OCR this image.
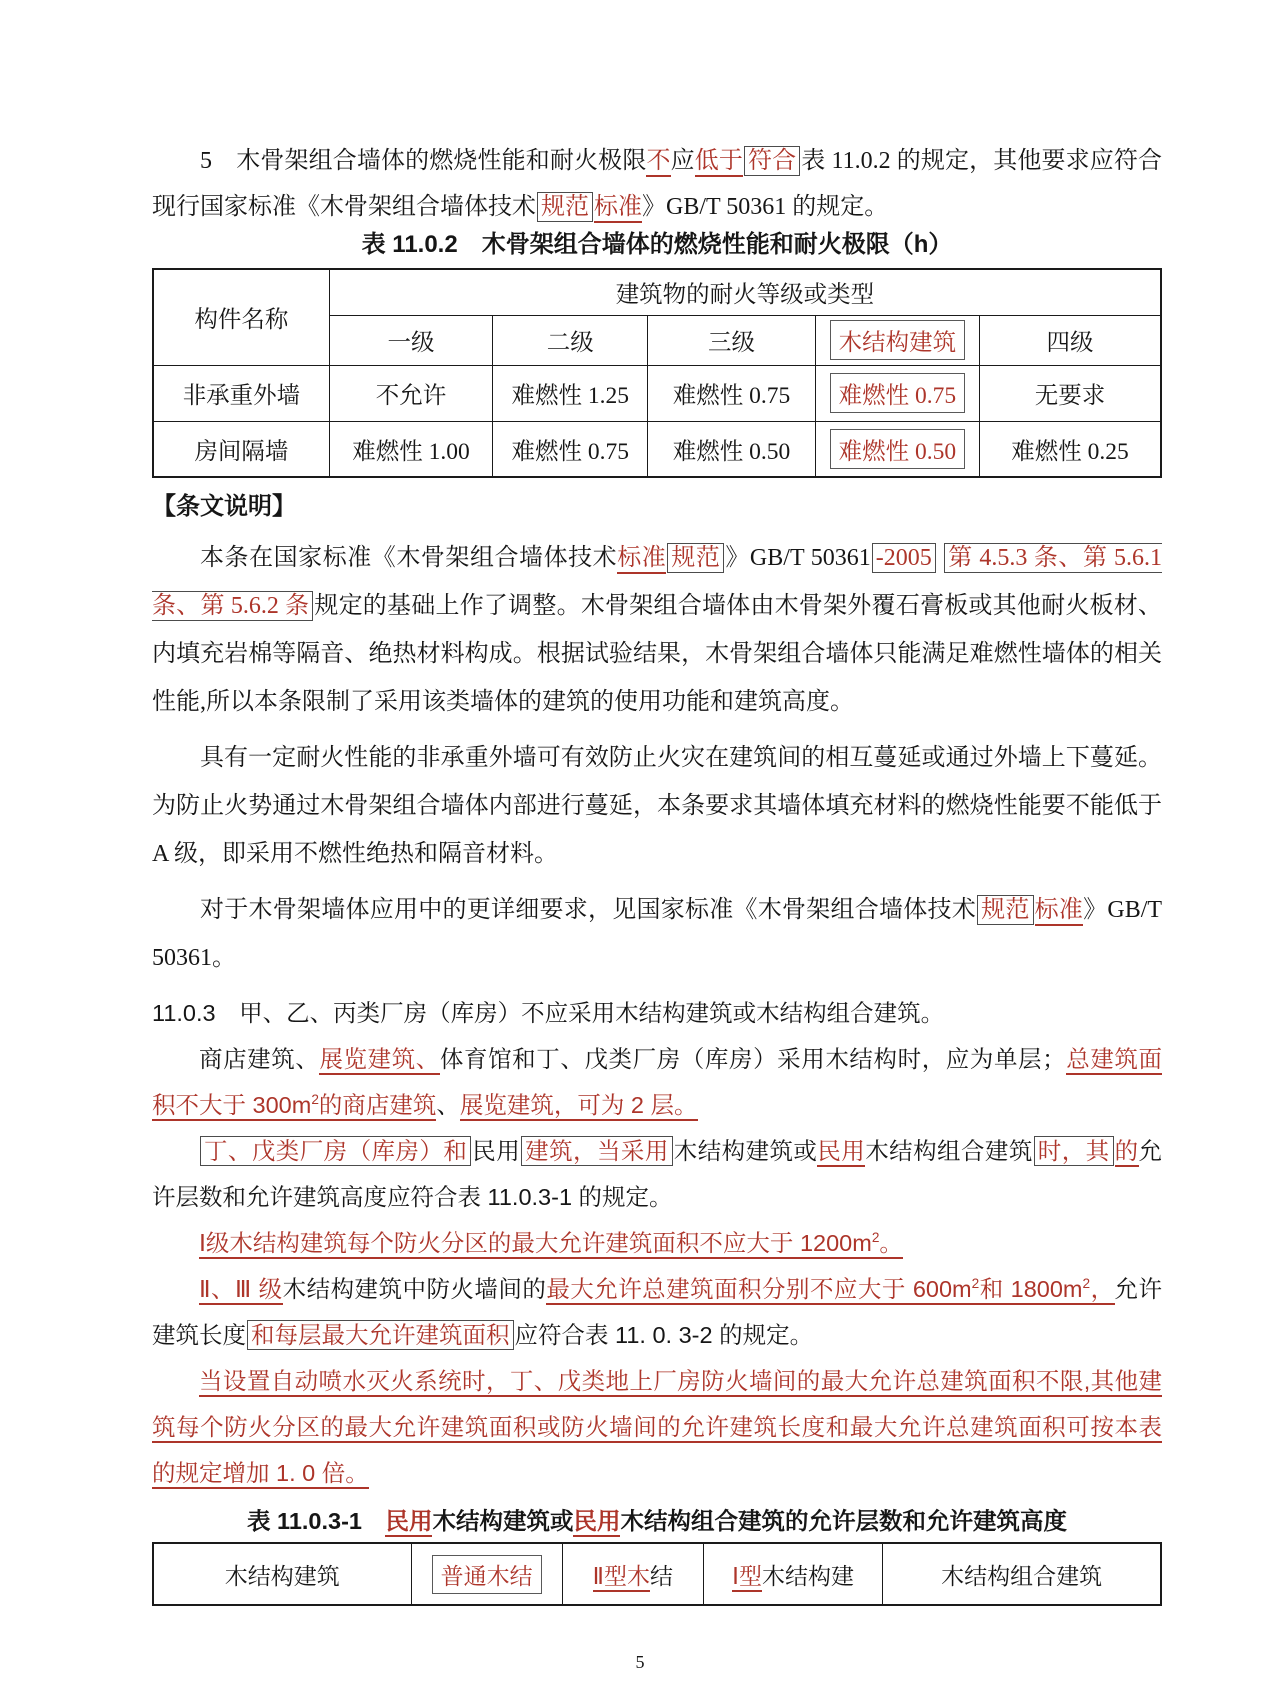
5　木骨架组合墙体的燃烧性能和耐火极限不应低于 符合 表 11.0.2 的规定，其他要求应符合现行国家标准《木骨架组合墙体技术 规范 标准》GB/T 50361 的规定。

表 11.0.2　木骨架组合墙体的燃烧性能和耐火极限（h）
构件名称	建筑物的耐火等级或类型				
	一级	二级	三级	木结构建筑	四级
非承重外墙	不允许	难燃性 1.25	难燃性 0.75	难燃性 0.75	无要求
房间隔墙	难燃性 1.00	难燃性 0.75	难燃性 0.50	难燃性 0.50	难燃性 0.25
【条文说明】

本条在国家标准《木骨架组合墙体技术标准 规范 》GB/T 50361 -2005 第 4.5.3 条、第 5.6.1 条、第 5.6.2 条 规定的基础上作了调整。木骨架组合墙体由木骨架外覆石膏板或其他耐火板材、内填充岩棉等隔音、绝热材料构成。根据试验结果，木骨架组合墙体只能满足难燃性墙体的相关性能,所以本条限制了采用该类墙体的建筑的使用功能和建筑高度。

具有一定耐火性能的非承重外墙可有效防止火灾在建筑间的相互蔓延或通过外墙上下蔓延。为防止火势通过木骨架组合墙体内部进行蔓延，本条要求其墙体填充材料的燃烧性能要不能低于 A 级，即采用不燃性绝热和隔音材料。

对于木骨架墙体应用中的更详细要求，见国家标准《木骨架组合墙体技术 规范 标准》GB/T 50361。

11.0.3　甲、乙、丙类厂房（库房）不应采用木结构建筑或木结构组合建筑。

商店建筑、展览建筑、体育馆和丁、戊类厂房（库房）采用木结构时，应为单层；总建筑面积不大于 $300m^2$的商店建筑、展览建筑，可为 2 层。

丁、戊类厂房（库房）和 民用 建筑，当采用 木结构建筑或民用木结构组合建筑 时，其 的允许层数和允许建筑高度应符合表 11.0.3-1 的规定。

Ⅰ级木结构建筑每个防火分区的最大允许建筑面积不应大于 $1200m^2$。

Ⅱ、Ⅲ 级木结构建筑中防火墙间的最大允许总建筑面积分别不应大于 $600m^2$和 $1800m^2$，允许建筑长度 和每层最大允许建筑面积 应符合表 11. 0. 3-2 的规定。

当设置自动喷水灭火系统时，丁、戊类地上厂房防火墙间的最大允许总建筑面积不限,其他建筑每个防火分区的最大允许建筑面积或防火墙间的允许建筑长度和最大允许总建筑面积可按本表的规定增加 1. 0 倍。

表 11.0.3-1　民用木结构建筑或民用木结构组合建筑的允许层数和允许建筑高度
木结构建筑	普通木结	Ⅱ型木结	Ⅰ型木结构建	木结构组合建筑
5
